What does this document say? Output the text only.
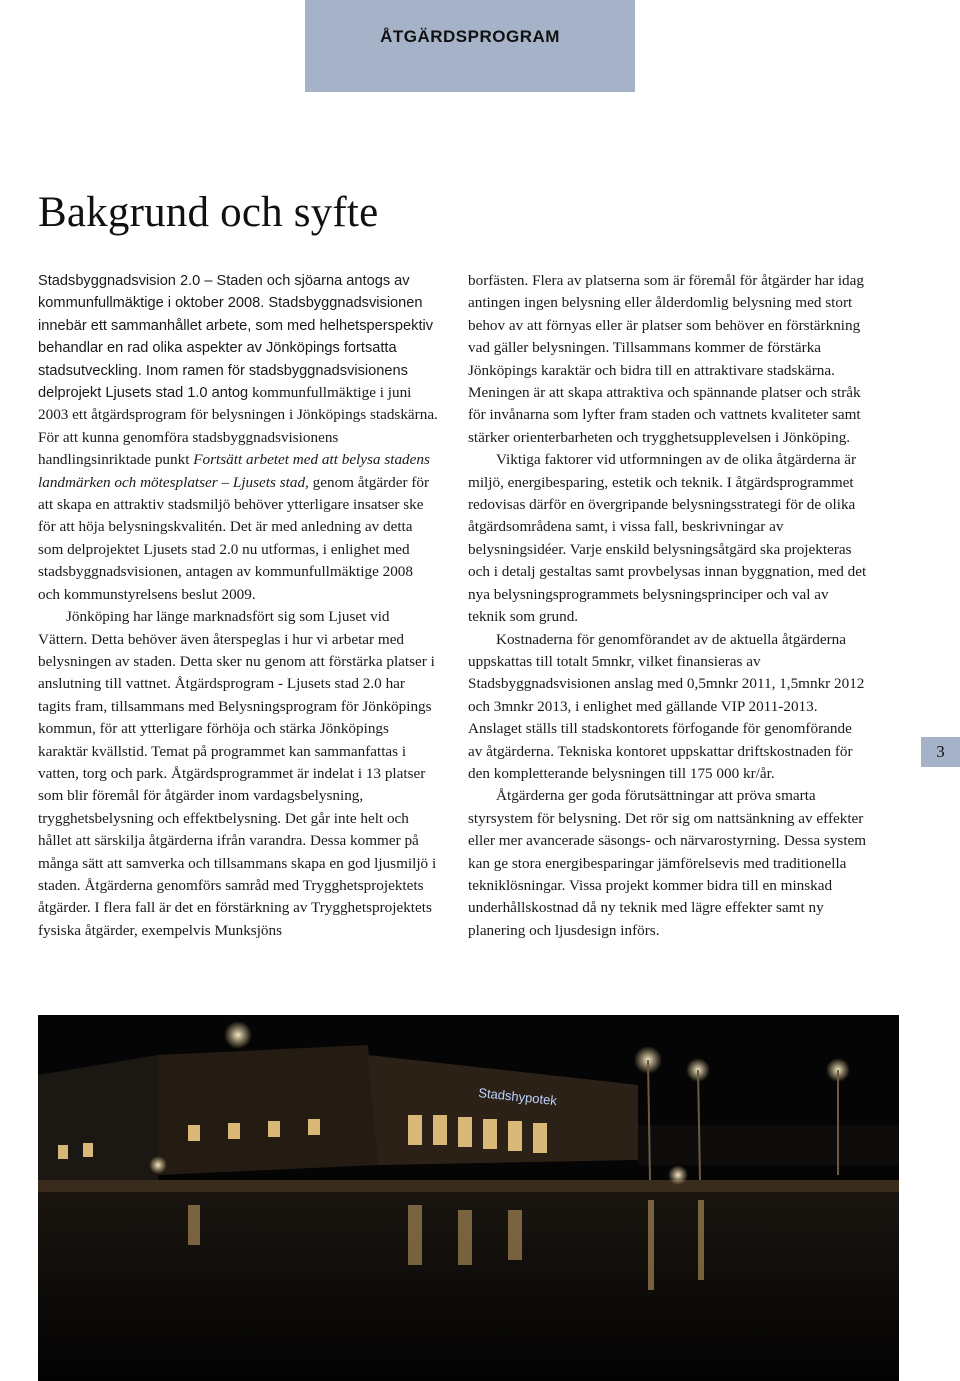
ÅTGÄRDSPROGRAM
Bakgrund och syfte

Stadsbyggnadsvision 2.0 – Staden och sjöarna antogs av kommunfullmäktige i oktober 2008. Stadsbyggnadsvisionen innebär ett sammanhållet arbete, som med helhetsperspektiv behandlar en rad olika aspekter av Jönköpings fortsatta stadsutveckling. Inom ramen för stadsbyggnadsvisionens delprojekt Ljusets stad 1.0 antog kommunfullmäktige i juni 2003 ett åtgärdsprogram för belysningen i Jönköpings stadskärna. För att kunna genomföra stadsbyggnadsvisionens handlingsinriktade punkt Fortsätt arbetet med att belysa stadens landmärken och mötesplatser – Ljusets stad, genom åtgärder för att skapa en attraktiv stadsmiljö behöver ytterligare insatser ske för att höja belysningskvalitén. Det är med anledning av detta som delprojektet Ljusets stad 2.0 nu utformas, i enlighet med stadsbyggnadsvisionen, antagen av kommunfullmäktige 2008 och kommunstyrelsens beslut 2009.

Jönköping har länge marknadsfört sig som Ljuset vid Vättern. Detta behöver även återspeglas i hur vi arbetar med belysningen av staden. Detta sker nu genom att förstärka platser i anslutning till vattnet. Åtgärdsprogram - Ljusets stad 2.0 har tagits fram, tillsammans med Belysningsprogram för Jönköpings kommun, för att ytterligare förhöja och stärka Jönköpings karaktär kvällstid. Temat på programmet kan sammanfattas i vatten, torg och park. Åtgärdsprogrammet är indelat i 13 platser som blir föremål för åtgärder inom vardagsbelysning, trygghetsbelysning och effektbelysning. Det går inte helt och hållet att särskilja åtgärderna ifrån varandra. Dessa kommer på många sätt att samverka och tillsammans skapa en god ljusmiljö i staden. Åtgärderna genomförs samråd med Trygghetsprojektets åtgärder. I flera fall är det en förstärkning av Trygghetsprojektets fysiska åtgärder, exempelvis Munksjöns

borfästen. Flera av platserna som är föremål för åtgärder har idag antingen ingen belysning eller ålderdomlig belysning med stort behov av att förnyas eller är platser som behöver en förstärkning vad gäller belysningen. Tillsammans kommer de förstärka Jönköpings karaktär och bidra till en attraktivare stadskärna. Meningen är att skapa attraktiva och spännande platser och stråk för invånarna som lyfter fram staden och vattnets kvaliteter samt stärker orienterbarheten och trygghetsupplevelsen i Jönköping.

Viktiga faktorer vid utformningen av de olika åtgärderna är miljö, energibesparing, estetik och teknik. I åtgärdsprogrammet redovisas därför en övergripande belysningsstrategi för de olika åtgärdsområdena samt, i vissa fall, beskrivningar av belysningsidéer. Varje enskild belysningsåtgärd ska projekteras och i detalj gestaltas samt provbelysas innan byggnation, med det nya belysningsprogrammets belysningsprinciper och val av teknik som grund.

Kostnaderna för genomförandet av de aktuella åtgärderna uppskattas till totalt 5mnkr, vilket finansieras av Stadsbyggnadsvisionen anslag med 0,5mnkr 2011, 1,5mnkr 2012 och 3mnkr 2013, i enlighet med gällande VIP 2011-2013. Anslaget ställs till stadskontorets förfogande för genomförande av åtgärderna. Tekniska kontoret uppskattar driftskostnaden för den kompletterande belysningen till 175 000 kr/år.

Åtgärderna ger goda förutsättningar att pröva smarta styrsystem för belysning. Det rör sig om nattsänkning av effekter eller mer avancerade säsongs- och närvarostyrning. Dessa system kan ge stora energibesparingar jämförelsevis med traditionella tekniklösningar. Vissa projekt kommer bidra till en minskad underhållskostnad då ny teknik med lägre effekter samt ny planering och ljusdesign införs.

3
Stadshypotek
